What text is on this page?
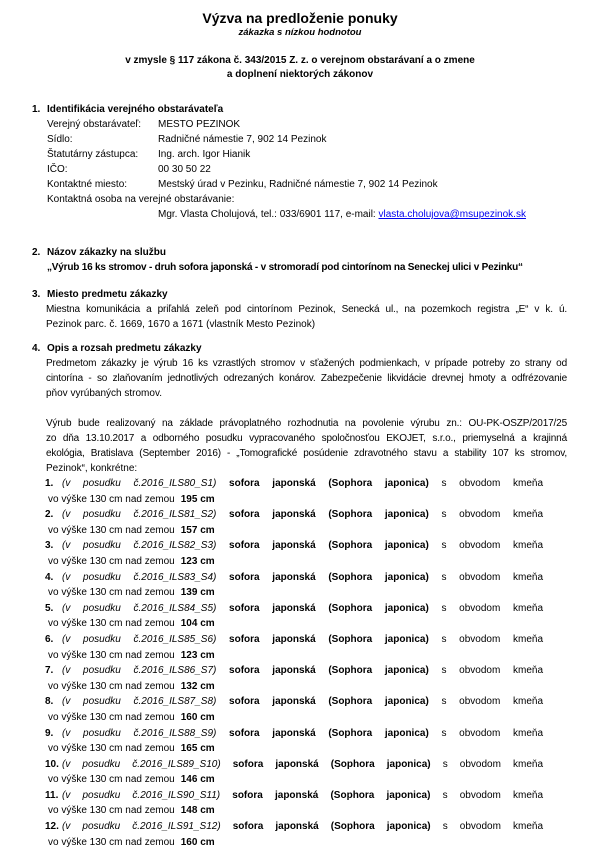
Výzva na predloženie ponuky
zákazka s nízkou hodnotou
v zmysle § 117 zákona č. 343/2015 Z. z. o verejnom obstarávaní a o zmene
a doplnení niektorých zákonov
1. Identifikácia verejného obstarávateľa
Verejný obstarávateľ:	MESTO PEZINOK
Sídlo:	Radničné námestie 7, 902 14 Pezinok
Štatutárny zástupca:	Ing. arch. Igor Hianik
IČO:	00 30 50 22
Kontaktné miesto:	Mestský úrad v Pezinku, Radničné námestie 7, 902 14 Pezinok
Kontaktná osoba na verejné obstarávanie:
Mgr. Vlasta Cholujová, tel.: 033/6901 117, e-mail: vlasta.cholujova@msupezinok.sk
2. Názov zákazky na službu
„Výrub 16 ks stromov - druh sofora japonská - v stromoradí pod cintorínom na Seneckej ulici v Pezinku“
3. Miesto predmetu zákazky
Miestna komunikácia a priľahlá zeleň pod cintorínom Pezinok, Senecká ul., na pozemkoch registra „E“ v k. ú.
Pezinok parc. č. 1669, 1670 a 1671 (vlastník Mesto Pezinok)
4. Opis a rozsah predmetu zákazky
Predmetom zákazky je výrub 16 ks vzrastlých stromov v sťažených podmienkach, v prípade potreby zo strany od
cintorína - so zlaňovaním jednotlivých odrezaných konárov. Zabezpečenie likvidácie drevnej hmoty a odfrézovanie
pňov vyrúbaných stromov.
Výrub bude realizovaný na základe právoplatného rozhodnutia na povolenie výrubu zn.: OU-PK-OSZP/2017/25
zo dňa 13.10.2017 a odborného posudku vypracovaného spoločnosťou EKOJET, s.r.o., priemyselná a krajinná
ekológia, Bratislava (September 2016) - „Tomografické posúdenie zdravotného stavu a stability 107 ks stromov,
Pezinok“, konkrétne:
1. (v posudku č.2016_ILS80_S1) sofora japonská (Sophora japonica) s obvodom kmeňa
vo výške 130 cm nad zemou 195 cm
2. (v posudku č.2016_ILS81_S2) sofora japonská (Sophora japonica) s obvodom kmeňa
vo výške 130 cm nad zemou 157 cm
3. (v posudku č.2016_ILS82_S3) sofora japonská (Sophora japonica) s obvodom kmeňa
vo výške 130 cm nad zemou 123 cm
4. (v posudku č.2016_ILS83_S4) sofora japonská (Sophora japonica) s obvodom kmeňa
vo výške 130 cm nad zemou 139 cm
5. (v posudku č.2016_ILS84_S5) sofora japonská (Sophora japonica) s obvodom kmeňa
vo výške 130 cm nad zemou 104 cm
6. (v posudku č.2016_ILS85_S6) sofora japonská (Sophora japonica) s obvodom kmeňa
vo výške 130 cm nad zemou 123 cm
7. (v posudku č.2016_ILS86_S7) sofora japonská (Sophora japonica) s obvodom kmeňa
vo výške 130 cm nad zemou 132 cm
8. (v posudku č.2016_ILS87_S8) sofora japonská (Sophora japonica) s obvodom kmeňa
vo výške 130 cm nad zemou 160 cm
9. (v posudku č.2016_ILS88_S9) sofora japonská (Sophora japonica) s obvodom kmeňa
vo výške 130 cm nad zemou 165 cm
10. (v posudku č.2016_ILS89_S10) sofora japonská (Sophora japonica) s obvodom kmeňa
vo výške 130 cm nad zemou 146 cm
11. (v posudku č.2016_ILS90_S11) sofora japonská (Sophora japonica) s obvodom kmeňa
vo výške 130 cm nad zemou 148 cm
12. (v posudku č.2016_ILS91_S12) sofora japonská (Sophora japonica) s obvodom kmeňa
vo výške 130 cm nad zemou 160 cm
